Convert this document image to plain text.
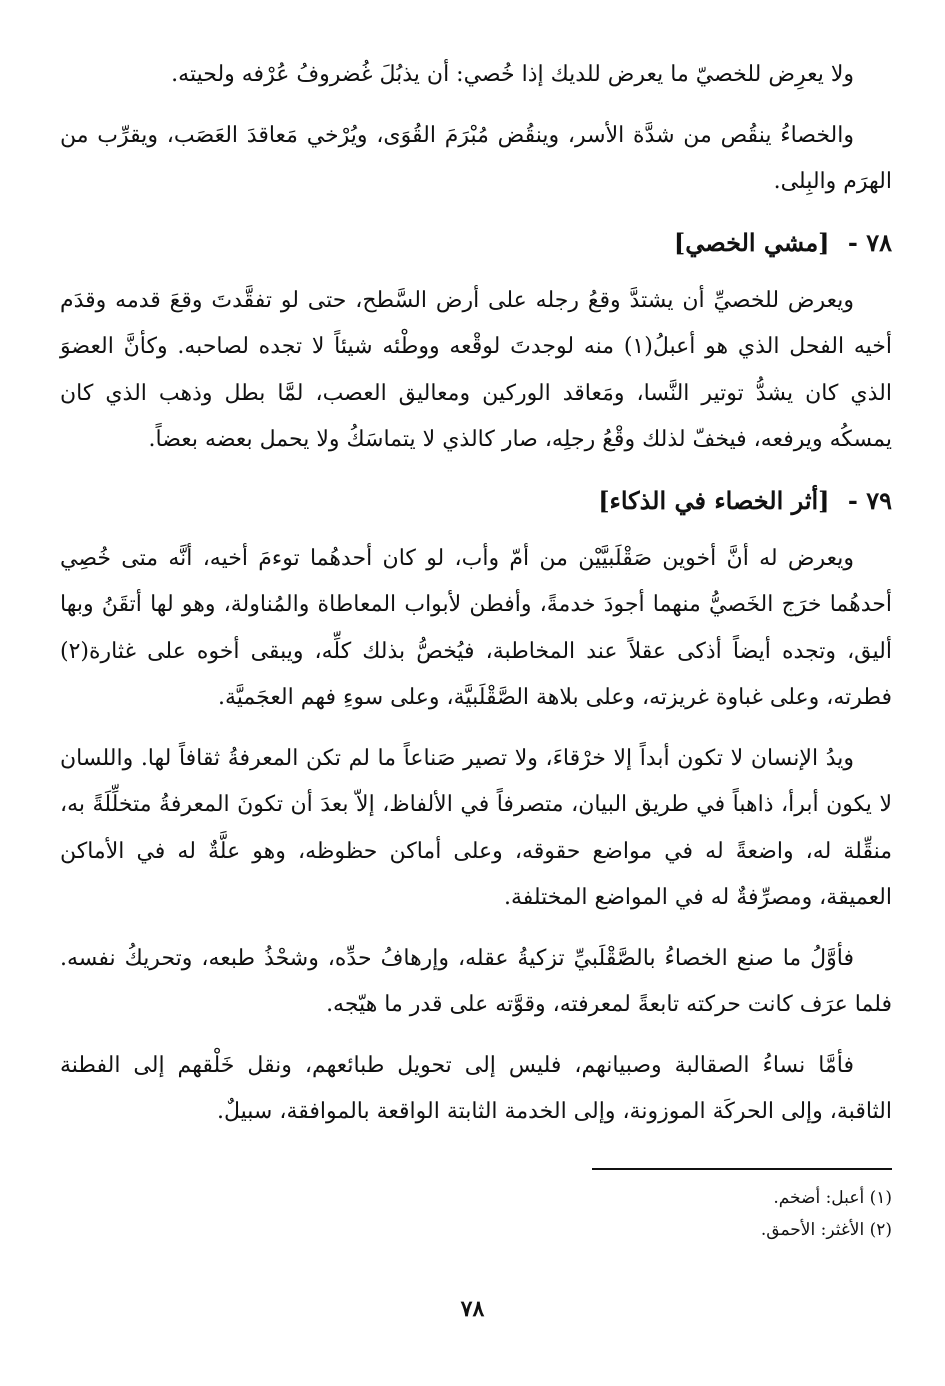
ولا يعرِض للخصيّ ما يعرض للديك إذا خُصي: أن يذبُلَ غُضروفُ عُرْفه ولحيته.

والخصاءُ ينقُص من شدَّة الأسر، وينقُض مُبْرَمَ القُوَى، ويُرْخي مَعاقدَ العَصَب، ويقرِّب من الهرَم والبِلى.

٧٨ - [مشي الخصي]

ويعرض للخصيِّ أن يشتدَّ وقعُ رجله على أرض السَّطح، حتى لو تفقَّدتَ وقعَ قدمه وقدَم أخيه الفحل الذي هو أعبلُ(١) منه لوجدتَ لوقْعه ووطْئه شيئاً لا تجده لصاحبه. وكأنَّ العضوَ الذي كان يشدُّ توتير النَّسا، ومَعاقد الوركين ومعاليق العصب، لمَّا بطل وذهب الذي كان يمسكُه ويرفعه، فيخفّ لذلك وقْعُ رجلِه، صار كالذي لا يتماسَكُ ولا يحمل بعضه بعضاً.

٧٩ - [أثر الخصاء في الذكاء]

ويعرض له أنَّ أخوين صَقْلَبيَّيْن من أمّ وأب، لو كان أحدهُما توءمَ أخيه، أنَّه متى خُصِي أحدهُما خرَج الخَصيُّ منهما أجودَ خدمةً، وأفطن لأبواب المعاطاة والمُناولة، وهو لها أتقَنُ وبها أليق، وتجده أيضاً أذكى عقلاً عند المخاطبة، فيُخصُّ بذلك كلِّه، ويبقى أخوه على غثارة(٢) فطرته، وعلى غباوة غريزته، وعلى بلاهة الصَّقْلَبيَّة، وعلى سوءِ فهم العجَميَّة.

ويدُ الإنسان لا تكون أبداً إلا خرْقاءَ، ولا تصير صَناعاً ما لم تكن المعرفةُ ثقافاً لها. واللسان لا يكون أبرأ، ذاهباً في طريق البيان، متصرفاً في الألفاظ، إلاّ بعدَ أن تكونَ المعرفةُ متخلِّلَةً به، منقِّلة له، واضعةً له في مواضع حقوقه، وعلى أماكن حظوظه، وهو علَّةٌ له في الأماكن العميقة، ومصرِّفةٌ له في المواضع المختلفة.

فأوَّلُ ما صنع الخصاءُ بالصَّقْلَبيِّ تزكيةُ عقله، وإرهافُ حدِّه، وشحْذُ طبعه، وتحريكُ نفسه. فلما عرَف كانت حركته تابعةً لمعرفته، وقوَّته على قدر ما هيّجه.

فأمَّا نساءُ الصقالبة وصبيانهم، فليس إلى تحويل طبائعهم، ونقل خَلْقهم إلى الفطنة الثاقبة، وإلى الحركَة الموزونة، وإلى الخدمة الثابتة الواقعة بالموافقة، سبيلٌ.

(١) أعبل: أضخم.

(٢) الأغثر: الأحمق.

٧٨
